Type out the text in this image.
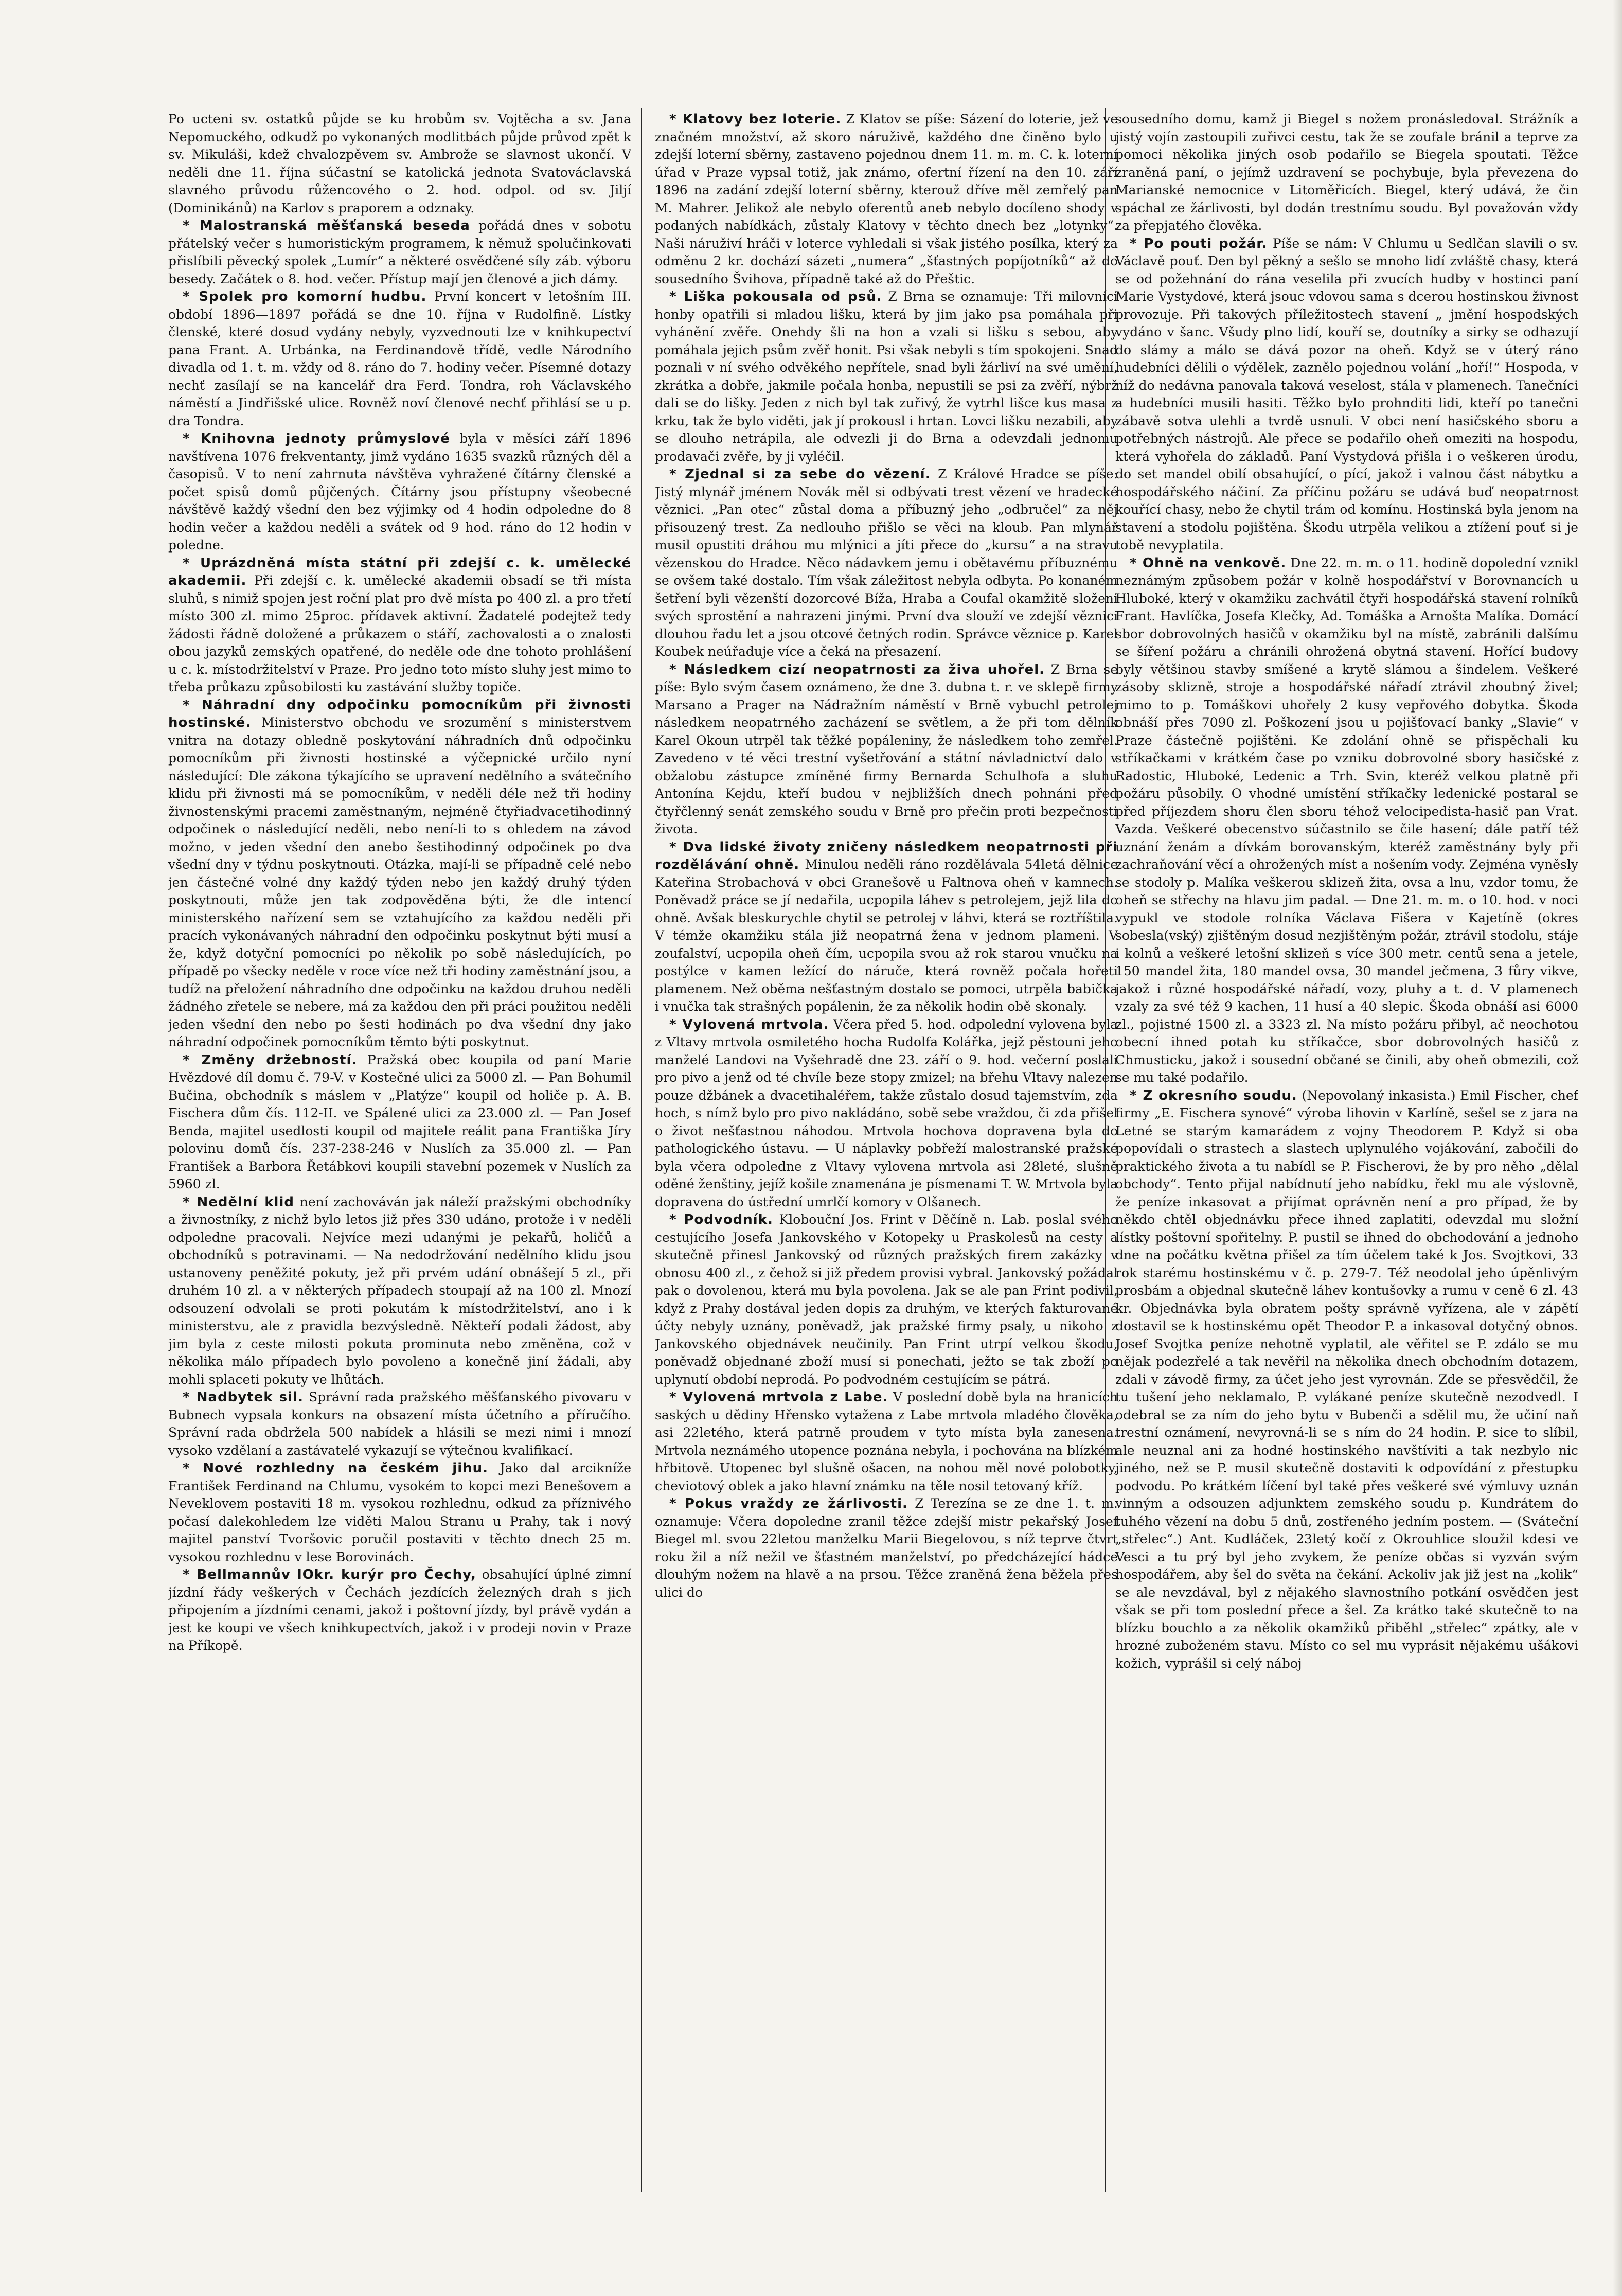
Po ucteni sv. ostatků půjde se ku hrobům sv. Vojtěcha a sv. Jana Nepomuckého, odkudž po vykonaných modlitbách půjde průvod zpět k sv. Mikuláši, kdež chvalozpěvem sv. Ambrože se slavnost ukončí. V neděli dne 11. října súčastní se katolická jednota Svatováclavská slavného průvodu růžencového o 2. hod. odpol. od sv. Jiljí (Dominikánů) na Karlov s praporem a odznaky.

* Malostranská měšťanská beseda pořádá dnes v sobotu přátelský večer s humoristickým programem, k němuž spolučinkovati přislíbili pěvecký spolek „Lumír“ a některé osvědčené síly záb. výboru besedy. Začátek o 8. hod. večer. Přístup mají jen členové a jich dámy.

* Spolek pro komorní hudbu. První koncert v letošním III. období 1896—1897 pořádá se dne 10. října v Rudolfině. Lístky členské, které dosud vydány nebyly, vyzvednouti lze v knihkupectví pana Frant. A. Urbánka, na Ferdinandově třídě, vedle Národního divadla od 1. t. m. vždy od 8. ráno do 7. hodiny večer. Písemné dotazy nechť zasílají se na kancelář dra Ferd. Tondra, roh Václavského náměstí a Jindřišské ulice. Rovněž noví členové nechť přihlásí se u p. dra Tondra.

* Knihovna jednoty průmyslové byla v měsíci září 1896 navštívena 1076 frekventanty, jimž vydáno 1635 svazků různých děl a časopisů. V to není zahrnuta návštěva vyhražené čítárny členské a počet spisů domů půjčených. Čítárny jsou přístupny všeobecné návštěvě každý všední den bez výjimky od 4 hodin odpoledne do 8 hodin večer a každou neděli a svátek od 9 hod. ráno do 12 hodin v poledne.

* Uprázdněná místa státní při zdejší c. k. umělecké akademii. Při zdejší c. k. umělecké akademii obsadí se tři místa sluhů, s nimiž spojen jest roční plat pro dvě místa po 400 zl. a pro třetí místo 300 zl. mimo 25proc. přídavek aktivní. Žadatelé podejtež tedy žádosti řádně doložené a průkazem o stáří, zachovalosti a o znalosti obou jazyků zemských opatřené, do neděle ode dne tohoto prohlášení u c. k. místodržitelství v Praze. Pro jedno toto místo sluhy jest mimo to třeba průkazu způsobilosti ku zastávání služby topiče.

* Náhradní dny odpočinku pomocníkům při živnosti hostinské. Ministerstvo obchodu ve srozumění s ministerstvem vnitra na dotazy obledně poskytování náhradních dnů odpočinku pomocníkům při živnosti hostinské a výčepnické určilo nyní následující: Dle zákona týkajícího se upravení nedělního a svátečního klidu při živnosti má se pomocníkům, v neděli déle než tři hodiny živnostenskými pracemi zaměstnaným, nejméně čtyřiadvacetihodinný odpočinek o následující neděli, nebo není-li to s ohledem na závod možno, v jeden všední den anebo šestihodinný odpočinek po dva všední dny v týdnu poskytnouti. Otázka, mají-li se případně celé nebo jen částečné volné dny každý týden nebo jen každý druhý týden poskytnouti, může jen tak zodpověděna býti, že dle intencí ministerského nařízení sem se vztahujícího za každou neděli při pracích vykonávaných náhradní den odpočinku poskytnut býti musí a že, když dotyční pomocníci po několik po sobě následujících, po případě po všecky neděle v roce více než tři hodiny zaměstnání jsou, a tudíž na přeložení náhradního dne odpočinku na každou druhou neděli žádného zřetele se nebere, má za každou den při práci použitou neděli jeden všední den nebo po šesti hodinách po dva všední dny jako náhradní odpočinek pomocníkům těmto býti poskytnut.

* Změny držebností. Pražská obec koupila od paní Marie Hvězdové díl domu č. 79-V. v Kostečné ulici za 5000 zl. — Pan Bohumil Bučina, obchodník s máslem v „Platýze“ koupil od holiče p. A. B. Fischera dům čís. 112-II. ve Spálené ulici za 23.000 zl. — Pan Josef Benda, majitel usedlosti koupil od majitele reálit pana Františka Jíry polovinu domů čís. 237-238-246 v Nuslích za 35.000 zl. — Pan František a Barbora Řetábkovi koupili stavební pozemek v Nuslích za 5960 zl.

* Nedělní klid není zachováván jak náleží pražskými obchodníky a živnostníky, z nichž bylo letos již přes 330 udáno, protože i v neděli odpoledne pracovali. Nejvíce mezi udanými je pekařů, holičů a obchodníků s potravinami. — Na nedodržování nedělního klidu jsou ustanoveny peněžité pokuty, jež při prvém udání obnášejí 5 zl., při druhém 10 zl. a v některých případech stoupají až na 100 zl. Mnozí odsouzení odvolali se proti pokutám k místodržitelství, ano i k ministerstvu, ale z pravidla bezvýsledně. Někteří podali žádost, aby jim byla z ceste milosti pokuta prominuta nebo změněna, což v několika málo případech bylo povoleno a konečně jiní žádali, aby mohli splaceti pokuty ve lhůtách.

* Nadbytek sil. Správní rada pražského měšťanského pivovaru v Bubnech vypsala konkurs na obsazení místa účetního a příručího. Správní rada obdržela 500 nabídek a hlásili se mezi nimi i mnozí vysoko vzdělaní a zastávatelé vykazují se výtečnou kvalifikací.

* Nové rozhledny na českém jihu. Jako dal arcikníže František Ferdinand na Chlumu, vysokém to kopci mezi Benešovem a Neveklovem postaviti 18 m. vysokou rozhlednu, odkud za příznivého počasí dalekohledem lze viděti Malou Stranu u Prahy, tak i nový majitel panství Tvoršovic poručil postaviti v těchto dnech 25 m. vysokou rozhlednu v lese Borovinách.

* Bellmannův lOkr. kurýr pro Čechy, obsahující úplné zimní jízdní řády veškerých v Čechách jezdících železných drah s jich připojením a jízdními cenami, jakož i poštovní jízdy, byl právě vydán a jest ke koupi ve všech knihkupectvích, jakož i v prodeji novin v Praze na Příkopě.

* Klatovy bez loterie. Z Klatov se píše: Sázení do loterie, jež ve značném množství, až skoro náruživě, každého dne činěno bylo u zdejší loterní sběrny, zastaveno pojednou dnem 11. m. m. C. k. loterní úřad v Praze vypsal totiž, jak známo, ofertní řízení na den 10. září 1896 na zadání zdejší loterní sběrny, kterouž dříve měl zemřelý pan M. Mahrer. Jelikož ale nebylo oferentů aneb nebylo docíleno shody v podaných nabídkách, zůstaly Klatovy v těchto dnech bez „lotynky“. Naši náruživí hráči v loterce vyhledali si však jistého posílka, který za odměnu 2 kr. dochází sázeti „numera“ „šťastných popíjotníků“ až do sousedního Švihova, případně také až do Přeštic.

* Liška pokousala od psů. Z Brna se oznamuje: Tři milovníci honby opatřili si mladou lišku, která by jim jako psa pomáhala při vyhánění zvěře. Onehdy šli na hon a vzali si lišku s sebou, aby pomáhala jejich psům zvěř honit. Psi však nebyli s tím spokojeni. Snad poznali v ní svého odvěkého nepřítele, snad byli žárliví na své umění, zkrátka a dobře, jakmile počala honba, nepustili se psi za zvěří, nýbrž dali se do lišky. Jeden z nich byl tak zuřivý, že vytrhl lišce kus masa z krku, tak že bylo viděti, jak jí prokousl i hrtan. Lovci lišku nezabili, aby se dlouho netrápila, ale odvezli ji do Brna a odevzdali jednomu prodavači zvěře, by ji vyléčil.

* Zjednal si za sebe do vězení. Z Králové Hradce se píše: Jistý mlynář jménem Novák měl si odbývati trest vězení ve hradecké věznici. „Pan otec“ zůstal doma a příbuzný jeho „odbručel“ za něj přisouzený trest. Za nedlouho přišlo se věci na kloub. Pan mlynář musil opustiti dráhou mu mlýnici a jíti přece do „kursu“ a na stravu vězenskou do Hradce. Něco nádavkem jemu i obětavému příbuznému se ovšem také dostalo. Tím však záležitost nebyla odbyta. Po konaném šetření byli vězenští dozorcové Bíža, Hraba a Coufal okamžitě složeni svých sprostění a nahrazeni jinými. První dva slouží ve zdejší věznici dlouhou řadu let a jsou otcové četných rodin. Správce věznice p. Karel Koubek neúřaduje více a čeká na přesazení.

* Následkem cizí neopatrnosti za živa uhořel. Z Brna se píše: Bylo svým časem oznámeno, že dne 3. dubna t. r. ve sklepě firmy Marsano a Prager na Nádražním náměstí v Brně vybuchl petrolej následkem neopatrného zacházení se světlem, a že při tom dělník Karel Okoun utrpěl tak těžké popáleniny, že následkem toho zemřel. Zavedeno v té věci trestní vyšetřování a státní návladnictví dalo v obžalobu zástupce zmíněné firmy Bernarda Schulhofa a sluhu Antonína Kejdu, kteří budou v nejbližších dnech pohnáni před čtyřčlenný senát zemského soudu v Brně pro přečin proti bezpečnosti života.

* Dva lidské životy zničeny následkem neopatrnosti při rozdělávání ohně. Minulou neděli ráno rozdělávala 54letá dělnice Kateřina Strobachová v obci Granešově u Faltnova oheň v kamnech. Poněvadž práce se jí nedařila, ucpopila láhev s petrolejem, jejž lila do ohně. Avšak bleskurychle chytil se petrolej v láhvi, která se roztříštila. V témže okamžiku stála již neopatrná žena v jednom plameni. V zoufalství, ucpopila oheň čím, ucpopila svou až rok starou vnučku na postýlce v kamen ležící do náruče, která rovněž počala hořeti plamenem. Než oběma nešťastným dostalo se pomoci, utrpěla babička i vnučka tak strašných popálenin, že za několik hodin obě skonaly.

* Vylovená mrtvola. Včera před 5. hod. odpolední vylovena byla z Vltavy mrtvola osmiletého hocha Rudolfa Kolářka, jejž pěstouni jeho manželé Landovi na Vyšehradě dne 23. září o 9. hod. večerní poslali pro pivo a jenž od té chvíle beze stopy zmizel; na břehu Vltavy nalezen pouze džbánek a dvacetihaléřem, takže zůstalo dosud tajemstvím, zda hoch, s nímž bylo pro pivo nakládáno, sobě sebe vraždou, či zda přišel o život nešťastnou náhodou. Mrtvola hochova dopravena byla do pathologického ústavu. — U náplavky pobřeží malostranské pražské byla včera odpoledne z Vltavy vylovena mrtvola asi 28leté, slušně oděné ženštiny, jejíž košile znamenána je písmenami T. W. Mrtvola byla dopravena do ústřední umrlčí komory v Olšanech.

* Podvodník. Klobouční Jos. Frint v Děčíně n. Lab. poslal svého cestujícího Josefa Jankovského v Kotopeky u Praskolesů na cesty a skutečně přinesl Jankovský od různých pražských firem zakázky v obnosu 400 zl., z čehož si již předem provisi vybral. Jankovský požádal pak o dovolenou, která mu byla povolena. Jak se ale pan Frint podivil, když z Prahy dostával jeden dopis za druhým, ve kterých fakturované účty nebyly uznány, poněvadž, jak pražské firmy psaly, u nikoho z Jankovského objednávek neučinily. Pan Frint utrpí velkou škodu, poněvadž objednané zboží musí si ponechati, ježto se tak zboží po uplynutí období neprodá. Po podvodném cestujícím se pátrá.

* Vylovená mrtvola z Labe. V poslední době byla na hranicích saských u dědiny Hřensko vytažena z Labe mrtvola mladého člověka, asi 22letého, která patrně proudem v tyto místa byla zanesena. Mrtvola neznámého utopence poznána nebyla, i pochována na blízkém hřbitově. Utopenec byl slušně ošacen, na nohou měl nové polobotky, cheviotový oblek a jako hlavní známku na těle nosil tetovaný kříž.

* Pokus vraždy ze žárlivosti. Z Terezína se ze dne 1. t. m. oznamuje: Včera dopoledne zranil těžce zdejší mistr pekařský Josef Biegel ml. svou 22letou manželku Marii Biegelovou, s níž teprve čtvrt roku žil a níž nežil ve šťastném manželství, po předcházející hádce dlouhým nožem na hlavě a na prsou. Těžce zraněná žena běžela přes ulici do

sousedního domu, kamž ji Biegel s nožem pronásledoval. Strážník a jistý vojín zastoupili zuřivci cestu, tak že se zoufale bránil a teprve za pomoci několika jiných osob podařilo se Biegela spoutati. Těžce zraněná paní, o jejímž uzdravení se pochybuje, byla převezena do Marianské nemocnice v Litoměřicích. Biegel, který udává, že čin spáchal ze žárlivosti, byl dodán trestnímu soudu. Byl považován vždy za přepjatého člověka.

* Po pouti požár. Píše se nám: V Chlumu u Sedlčan slavili o sv. Václavě pouť. Den byl pěkný a sešlo se mnoho lidí zvláště chasy, která se od požehnání do rána veselila při zvucích hudby v hostinci paní Marie Vystydové, která jsouc vdovou sama s dcerou hostinskou živnost provozuje. Při takových příležitostech stavení „ jmění hospodských vydáno v šanc. Všudy plno lidí, kouří se, doutníky a sirky se odhazují do slámy a málo se dává pozor na oheň. Když se v úterý ráno hudebníci dělili o výdělek, zaznělo pojednou volání „hoří!“ Hospoda, v níž do nedávna panovala taková veselost, stála v plamenech. Tanečníci a hudebníci musili hasiti. Těžko bylo prohnditi lidi, kteří po tanečni zábavě sotva ulehli a tvrdě usnuli. V obci není hasičského sboru a potřebných nástrojů. Ale přece se podařilo oheň omeziti na hospodu, která vyhořela do základů. Paní Vystydová přišla i o veškeren úrodu, do set mandel obilí obsahující, o pící, jakož i valnou část nábytku a hospodářského náčiní. Za příčinu požáru se udává buď neopatrnost kouřící chasy, nebo že chytil trám od komínu. Hostinská byla jenom na stavení a stodolu pojištěna. Škodu utrpěla velikou a ztížení pouť si je tobě nevyplatila.

* Ohně na venkově. Dne 22. m. m. o 11. hodině dopolední vznikl neznámým způsobem požár v kolně hospodářství v Borovnancích u Hluboké, který v okamžiku zachvátil čtyři hospodářská stavení rolníků Frant. Havlíčka, Josefa Klečky, Ad. Tomáška a Arnošta Malíka. Domácí sbor dobrovolných hasičů v okamžiku byl na místě, zabránili dalšímu se šíření požáru a chránili ohrožená obytná stavení. Hořící budovy byly většinou stavby smíšené a krytě slámou a šindelem. Veškeré zásoby sklizně, stroje a hospodářské nářadí ztrávil zhoubný živel; mimo to p. Tomáškovi uhořely 2 kusy vepřového dobytka. Škoda obnáší přes 7090 zl. Poškození jsou u pojišťovací banky „Slavie“ v Praze částečně pojištěni. Ke zdolání ohně se přispěchali ku stříkačkami v krátkém čase po vzniku dobrovolné sbory hasičské z Radostic, Hluboké, Ledenic a Trh. Svin, kteréž velkou platně při požáru působily. O vhodné umístění stříkačky ledenické postaral se před příjezdem shoru člen sboru téhož velocipedista-hasič pan Vrat. Vazda. Veškeré obecenstvo súčastnilo se čile hasení; dále patří též uznání ženám a dívkám borovanským, kteréž zaměstnány byly při zachraňování věcí a ohrožených míst a nošením vody. Zejména vyněsly se stodoly p. Malíka veškerou sklizeň žita, ovsa a lnu, vzdor tomu, že oheň se střechy na hlavu jim padal. — Dne 21. m. m. o 10. hod. v noci vypukl ve stodole rolníka Václava Fišera v Kajetíně (okres sobesla(vský) zjištěným dosud nezjištěným požár, ztrávil stodolu, stáje i kolnů a veškeré letošní sklizeň s více 300 metr. centů sena a jetele, 150 mandel žita, 180 mandel ovsa, 30 mandel ječmena, 3 fůry vikve, jakož i různé hospodářské nářadí, vozy, pluhy a t. d. V plamenech vzaly za své též 9 kachen, 11 husí a 40 slepic. Škoda obnáší asi 6000 zl., pojistné 1500 zl. a 3323 zl. Na místo požáru přibyl, ač neochotou obecní ihned potah ku stříkačce, sbor dobrovolných hasičů z Chmusticku, jakož i sousední občané se činili, aby oheň obmezili, což se mu také podařilo.

* Z okresního soudu. (Nepovolaný inkasista.) Emil Fischer, chef firmy „E. Fischera synové“ výroba lihovin v Karlíně, sešel se z jara na Letné se starým kamarádem z vojny Theodorem P. Když si oba popovídali o strastech a slastech uplynulého vojákování, zabočili do praktického života a tu nabídl se P. Fischerovi, že by pro něho „dělal obchody“. Tento přijal nabídnutí jeho nabídku, řekl mu ale výslovně, že peníze inkasovat a přijímat oprávněn není a pro případ, že by někdo chtěl objednávku přece ihned zaplatiti, odevzdal mu složní lístky poštovní spořitelny. P. pustil se ihned do obchodování a jednoho dne na počátku května přišel za tím účelem také k Jos. Svojtkovi, 33 rok starému hostinskému v č. p. 279-7. Též neodolal jeho úpěnlivým prosbám a objednal skutečně láhev kontušovky a rumu v ceně 6 zl. 43 kr. Objednávka byla obratem pošty správně vyřízena, ale v zápětí dostavil se k hostinskému opět Theodor P. a inkasoval dotyčný obnos. Josef Svojtka peníze nehotně vyplatil, ale věřitel se P. zdálo se mu nějak podezřelé a tak nevěřil na několika dnech obchodním dotazem, zdali v závodě firmy, za účet jeho jest vyrovnán. Zde se přesvědčil, že tu tušení jeho neklamalo, P. vylákané peníze skutečně nezodvedl. I odebral se za ním do jeho bytu v Bubenči a sdělil mu, že učiní naň trestní oznámení, nevyrovná-li se s ním do 24 hodin. P. sice to slíbil, ale neuznal ani za hodné hostinského navštíviti a tak nezbylo nic jiného, než se P. musil skutečně dostaviti k odpovídání z přestupku podvodu. Po krátkém líčení byl také přes veškeré své výmluvy uznán vinným a odsouzen adjunktem zemského soudu p. Kundrátem do tuhého vězení na dobu 5 dnů, zostřeného jedním postem. — (Sváteční „střelec“.) Ant. Kudláček, 23letý kočí z Okrouhlice sloužil kdesi ve Vesci a tu prý byl jeho zvykem, že peníze občas si vyzván svým hospodářem, aby šel do světa na čekání. Ackoliv jak již jest na „kolik“ se ale nevzdával, byl z nějakého slavnostního potkání osvědčen jest však se při tom poslední přece a šel. Za krátko také skutečně to na blízku bouchlo a za několik okamžiků přiběhl „střelec“ zpátky, ale v hrozné zuboženém stavu. Místo co sel mu vyprásit nějakému ušákovi kožich, vyprášil si celý náboj
